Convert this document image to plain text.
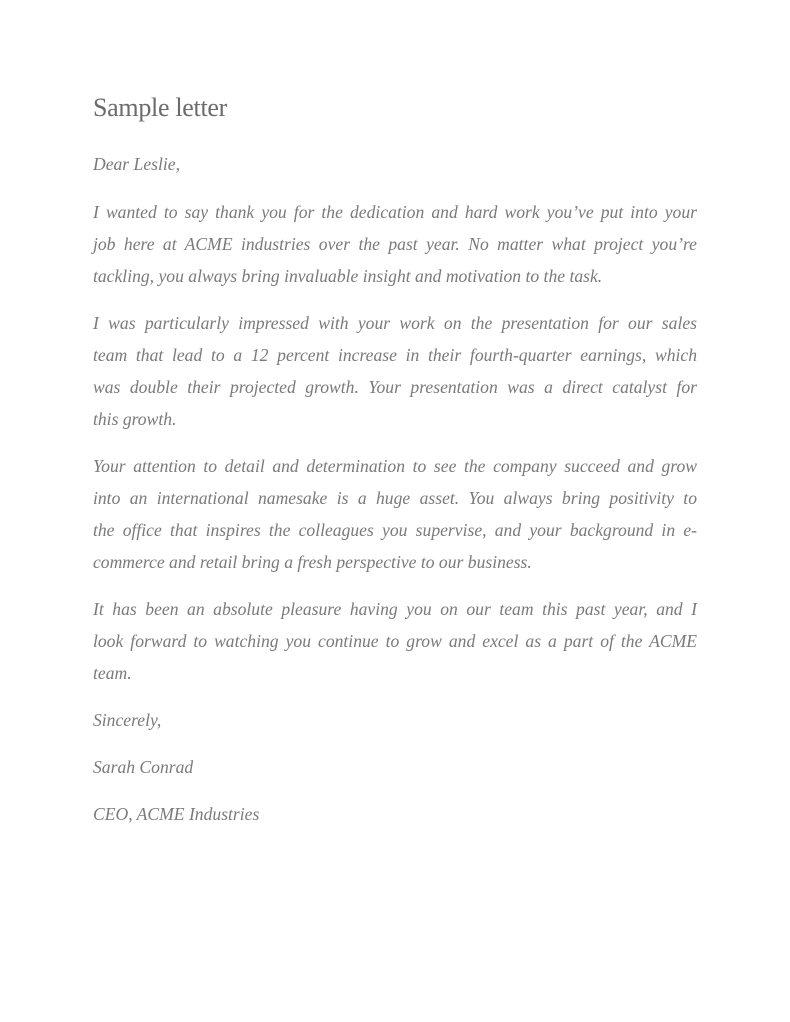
Sample letter
Dear Leslie,
I wanted to say thank you for the dedication and hard work you’ve put into your
job here at ACME industries over the past year. No matter what project you’re
tackling, you always bring invaluable insight and motivation to the task.
I was particularly impressed with your work on the presentation for our sales
team that lead to a 12 percent increase in their fourth-quarter earnings, which
was double their projected growth. Your presentation was a direct catalyst for
this growth.
Your attention to detail and determination to see the company succeed and grow
into an international namesake is a huge asset. You always bring positivity to
the office that inspires the colleagues you supervise, and your background in e-
commerce and retail bring a fresh perspective to our business.
It has been an absolute pleasure having you on our team this past year, and I
look forward to watching you continue to grow and excel as a part of the ACME
team.
Sincerely,
Sarah Conrad
CEO, ACME Industries
